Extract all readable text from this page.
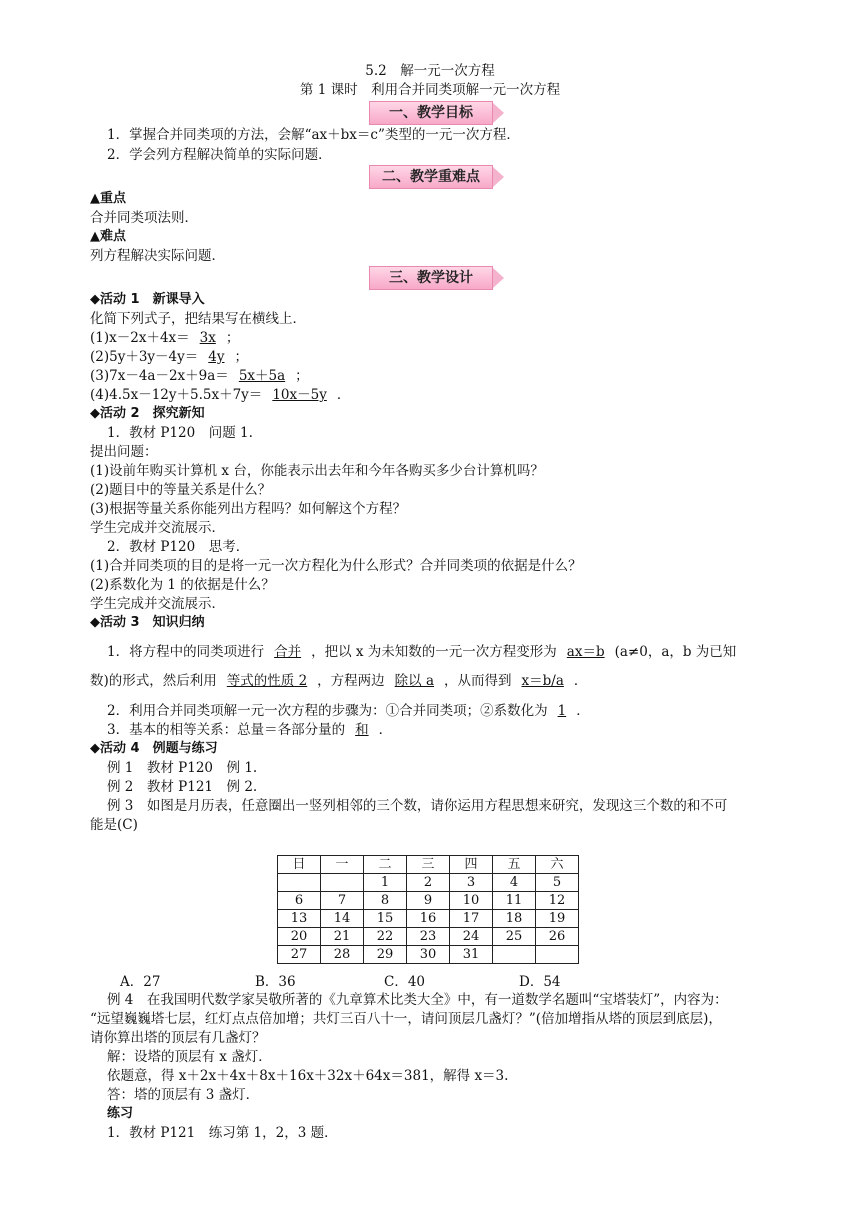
5.2　解一元一次方程
第 1 课时　利用合并同类项解一元一次方程
一、教学目标
1．掌握合并同类项的方法，会解“ax＋bx＝c”类型的一元一次方程．
2．学会列方程解决简单的实际问题．
二、教学重难点
▲重点
合并同类项法则．
▲难点
列方程解决实际问题．
三、教学设计
◆活动 1　新课导入
化简下列式子，把结果写在横线上．
(1)x－2x＋4x＝ 3x ；
(2)5y＋3y－4y＝ 4y ；
(3)7x－4a－2x＋9a＝ 5x＋5a ；
(4)4.5x－12y＋5.5x＋7y＝ 10x－5y ．
◆活动 2　探究新知
1．教材 P120　问题 1.
提出问题：
(1)设前年购买计算机 x 台，你能表示出去年和今年各购买多少台计算机吗？
(2)题目中的等量关系是什么？
(3)根据等量关系你能列出方程吗？如何解这个方程？
学生完成并交流展示．
2．教材 P120　思考．
(1)合并同类项的目的是将一元一次方程化为什么形式？合并同类项的依据是什么？
(2)系数化为 1 的依据是什么？
学生完成并交流展示．
◆活动 3　知识归纳
1．将方程中的同类项进行 合并 ，把以 x 为未知数的一元一次方程变形为 ax＝b (a≠0，a，b 为已知
数)的形式，然后利用 等式的性质 2 ，方程两边 除以 a ，从而得到 x＝b/a ．
2．利用合并同类项解一元一次方程的步骤为：①合并同类项；②系数化为 1 ．
3．基本的相等关系：总量＝各部分量的 和 ．
◆活动 4　例题与练习
例 1　教材 P120　例 1.
例 2　教材 P121　例 2.
例 3　如图是月历表，任意圈出一竖列相邻的三个数，请你运用方程思想来研究，发现这三个数的和不可
能是(C)
日	一	二	三	四	五	六
		1	2	3	4	5
6	7	8	9	10	11	12
13	14	15	16	17	18	19
20	21	22	23	24	25	26
27	28	29	30	31		
A．27	B．36	C．40	D．54
例 4　在我国明代数学家吴敬所著的《九章算术比类大全》中，有一道数学名题叫“宝塔装灯”，内容为：
“远望巍巍塔七层，红灯点点倍加增；共灯三百八十一，请问顶层几盏灯？”(倍加增指从塔的顶层到底层)，
请你算出塔的顶层有几盏灯？
解：设塔的顶层有 x 盏灯．
依题意，得 x＋2x＋4x＋8x＋16x＋32x＋64x＝381，解得 x＝3.
答：塔的顶层有 3 盏灯．
练习
1．教材 P121　练习第 1，2，3 题．
